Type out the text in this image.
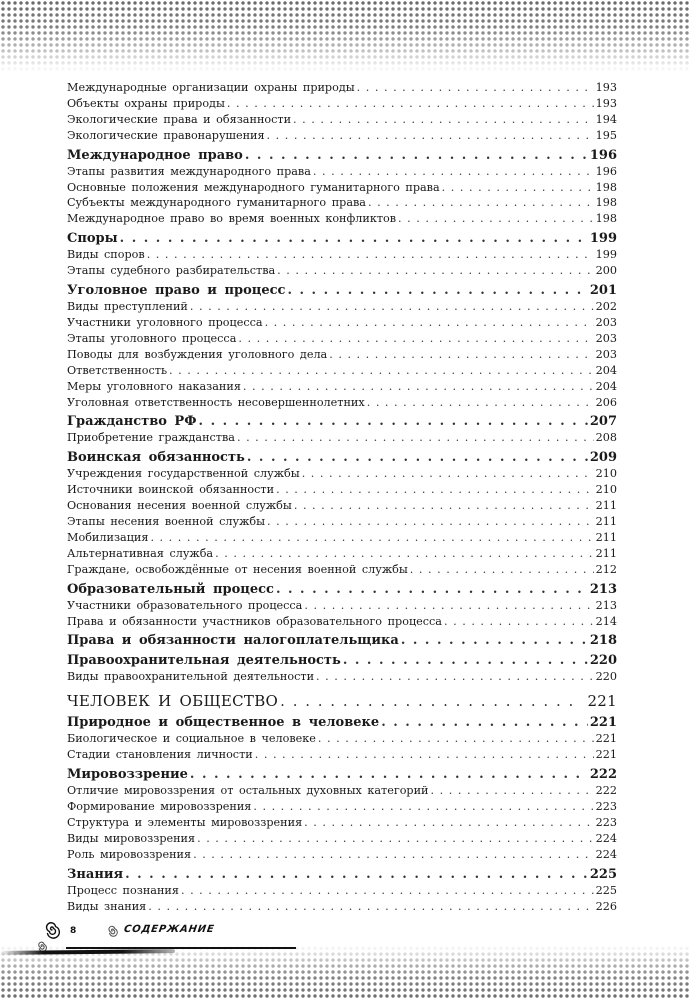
Международные организации охраны природы . . .	193
Объекты охраны природы . . .	193
Экологические права и обязанности . . .	194
Экологические правонарушения . . .	195
Международное право . . .	196
Этапы развития международного права . . .	196
Основные положения международного гуманитарного права . . .	198
Субъекты международного гуманитарного права . . .	198
Международное право во время военных конфликтов . . .	198
Споры . . .	199
Виды споров . . .	199
Этапы судебного разбирательства . . .	200
Уголовное право и процесс . . .	201
Виды преступлений . . .	202
Участники уголовного процесса . . .	203
Этапы уголовного процесса . . .	203
Поводы для возбуждения уголовного дела . . .	203
Ответственность . . .	204
Меры уголовного наказания . . .	204
Уголовная ответственность несовершеннолетних . . .	206
Гражданство РФ . . .	207
Приобретение гражданства . . .	208
Воинская обязанность . . .	209
Учреждения государственной службы . . .	210
Источники воинской обязанности . . .	210
Основания несения военной службы . . .	211
Этапы несения военной службы . . .	211
Мобилизация . . .	211
Альтернативная служба . . .	211
Граждане, освобождённые от несения военной службы . . .	212
Образовательный процесс . . .	213
Участники образовательного процесса . . .	213
Права и обязанности участников образовательного процесса . . .	214
Права и обязанности налогоплательщика . . .	218
Правоохранительная деятельность . . .	220
Виды правоохранительной деятельности . . .	220
ЧЕЛОВЕК И ОБЩЕСТВО . . .	221
Природное и общественное в человеке . . .	221
Биологическое и социальное в человеке . . .	221
Стадии становления личности . . .	221
Мировоззрение . . .	222
Отличие мировоззрения от остальных духовных категорий . . .	222
Формирование мировоззрения . . .	223
Структура и элементы мировоззрения . . .	223
Виды мировоззрения . . .	224
Роль мировоззрения . . .	224
Знания . . .	225
Процесс познания . . .	225
Виды знания . . .	226
8	СОДЕРЖАНИЕ
